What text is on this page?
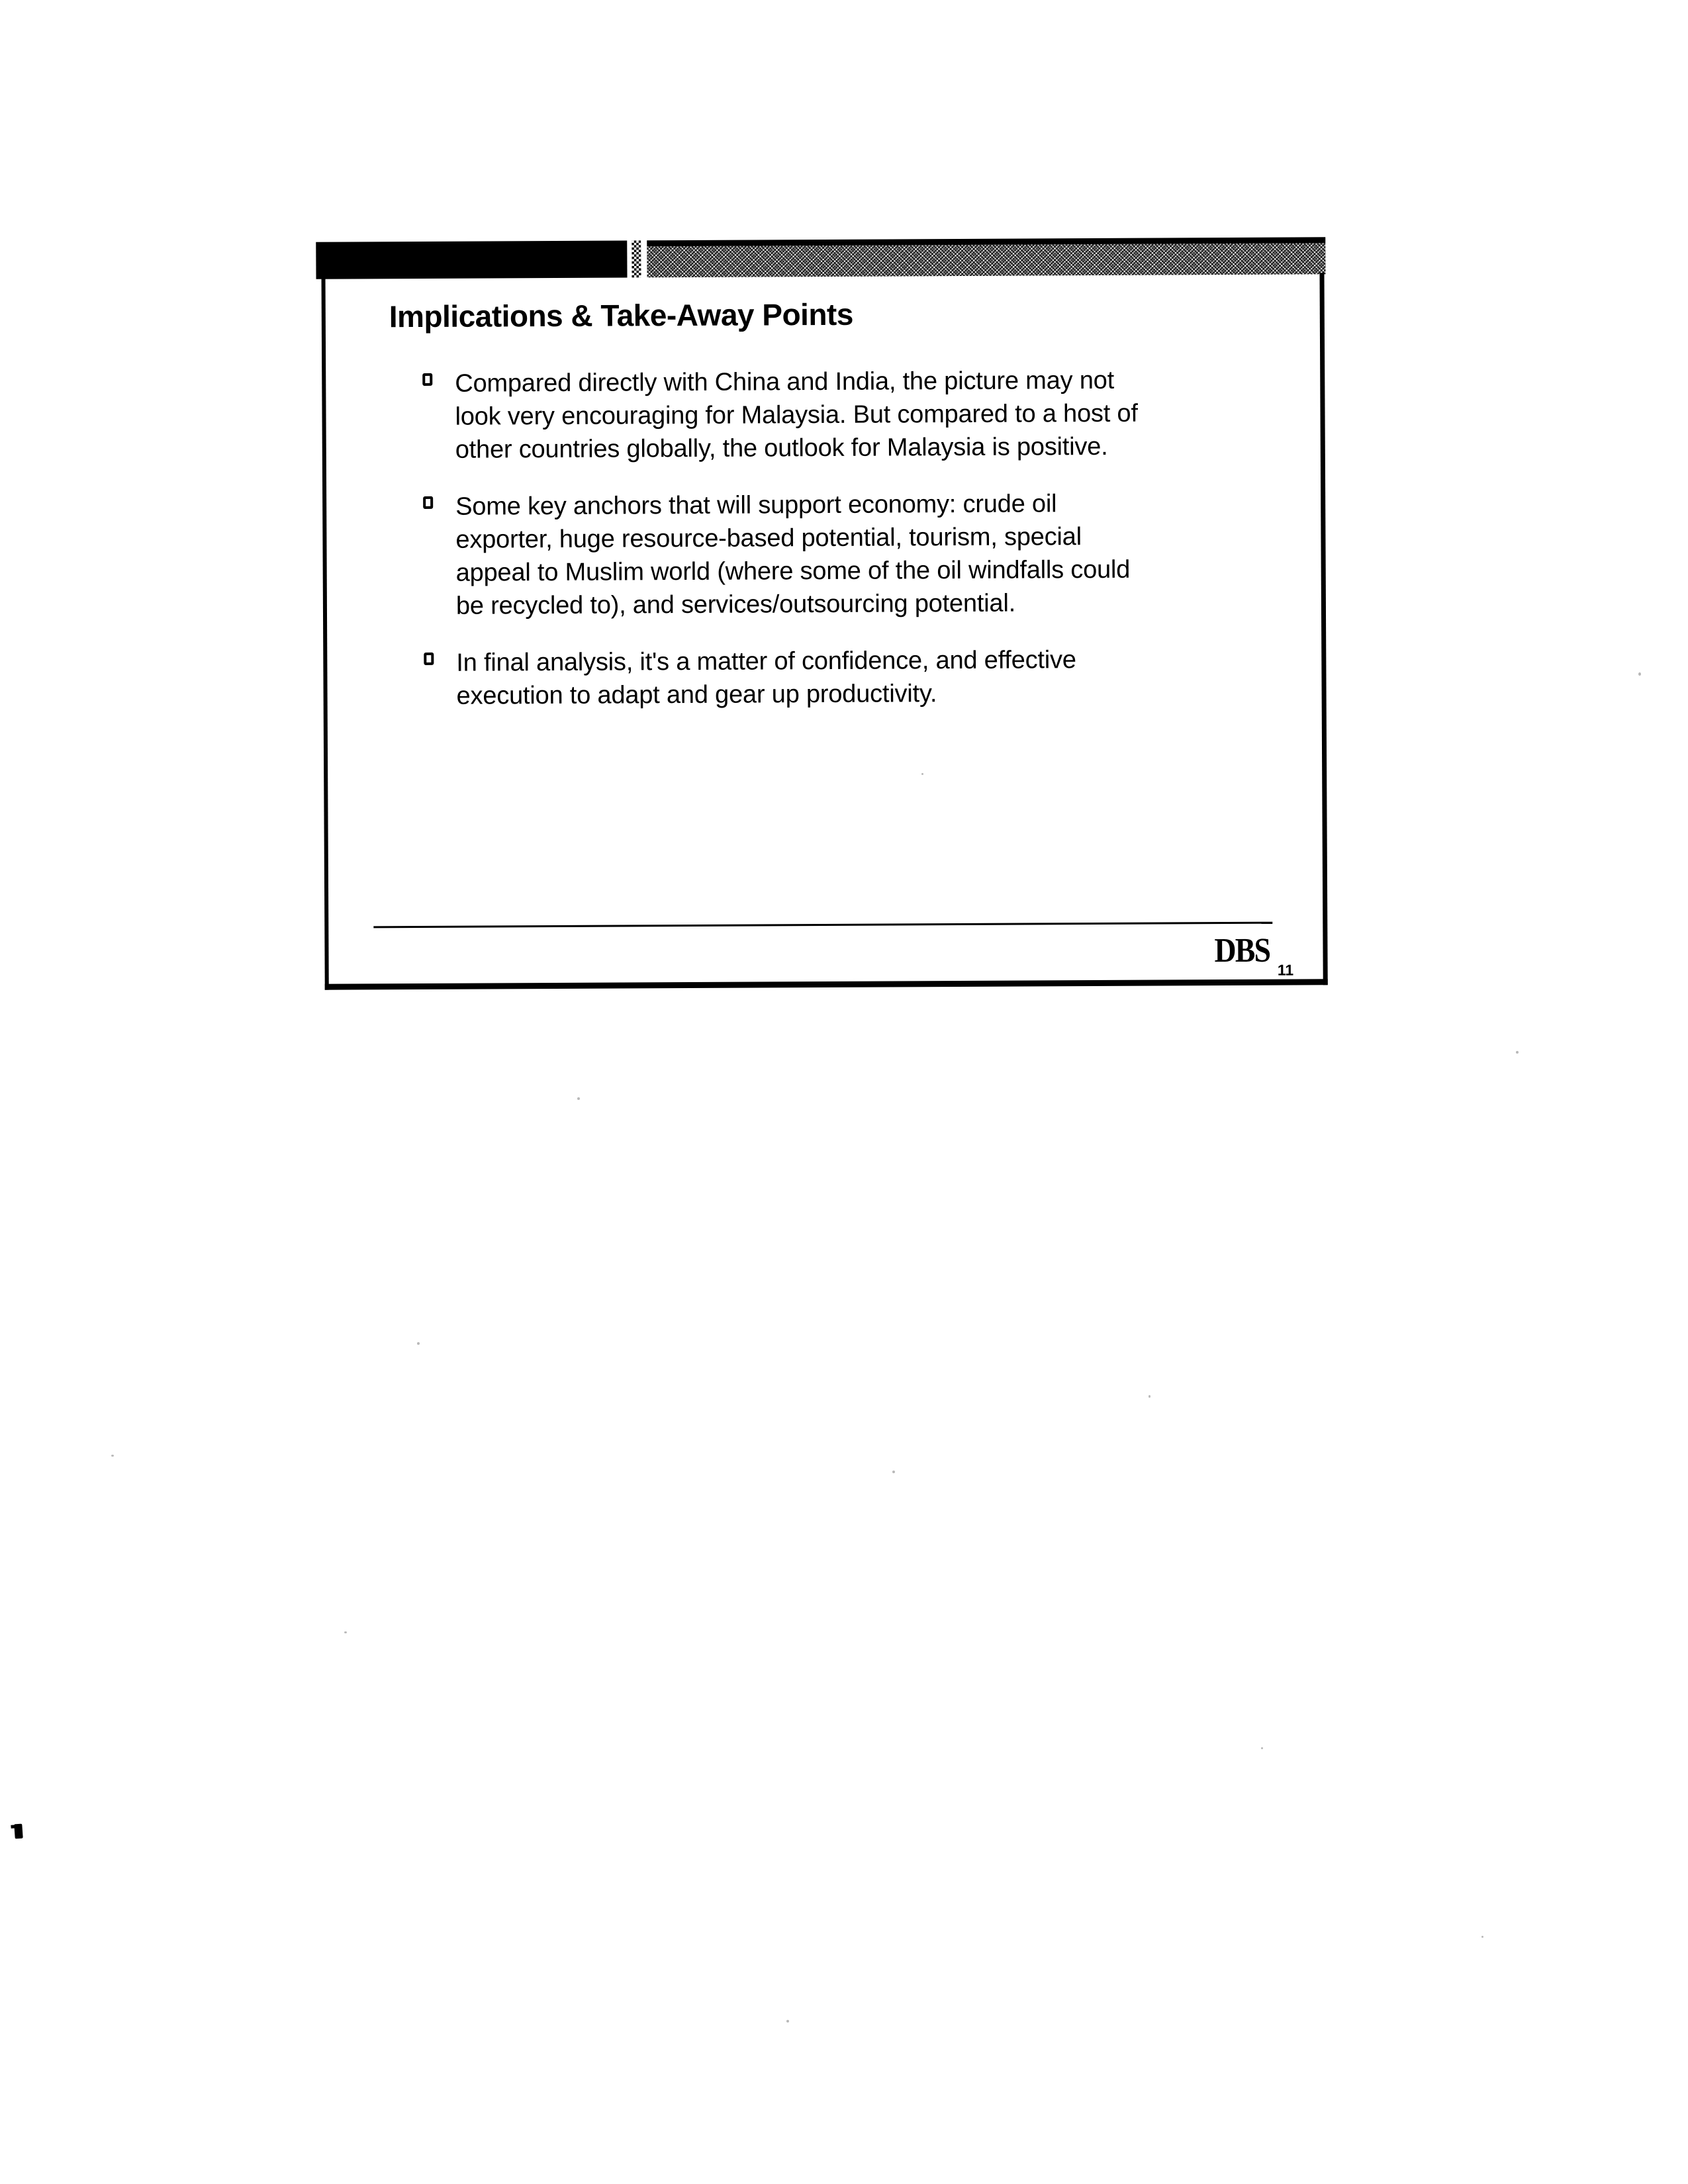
Implications & Take-Away Points
Compared directly with China and India, the picture may not
look very encouraging for Malaysia. But compared to a host of
other countries globally, the outlook for Malaysia is positive.
Some key anchors that will support economy: crude oil
exporter, huge resource-based potential, tourism, special
appeal to Muslim world (where some of the oil windfalls could
be recycled to), and services/outsourcing potential.
In final analysis, it's a matter of confidence, and effective
execution to adapt and gear up productivity.
DBS
11
